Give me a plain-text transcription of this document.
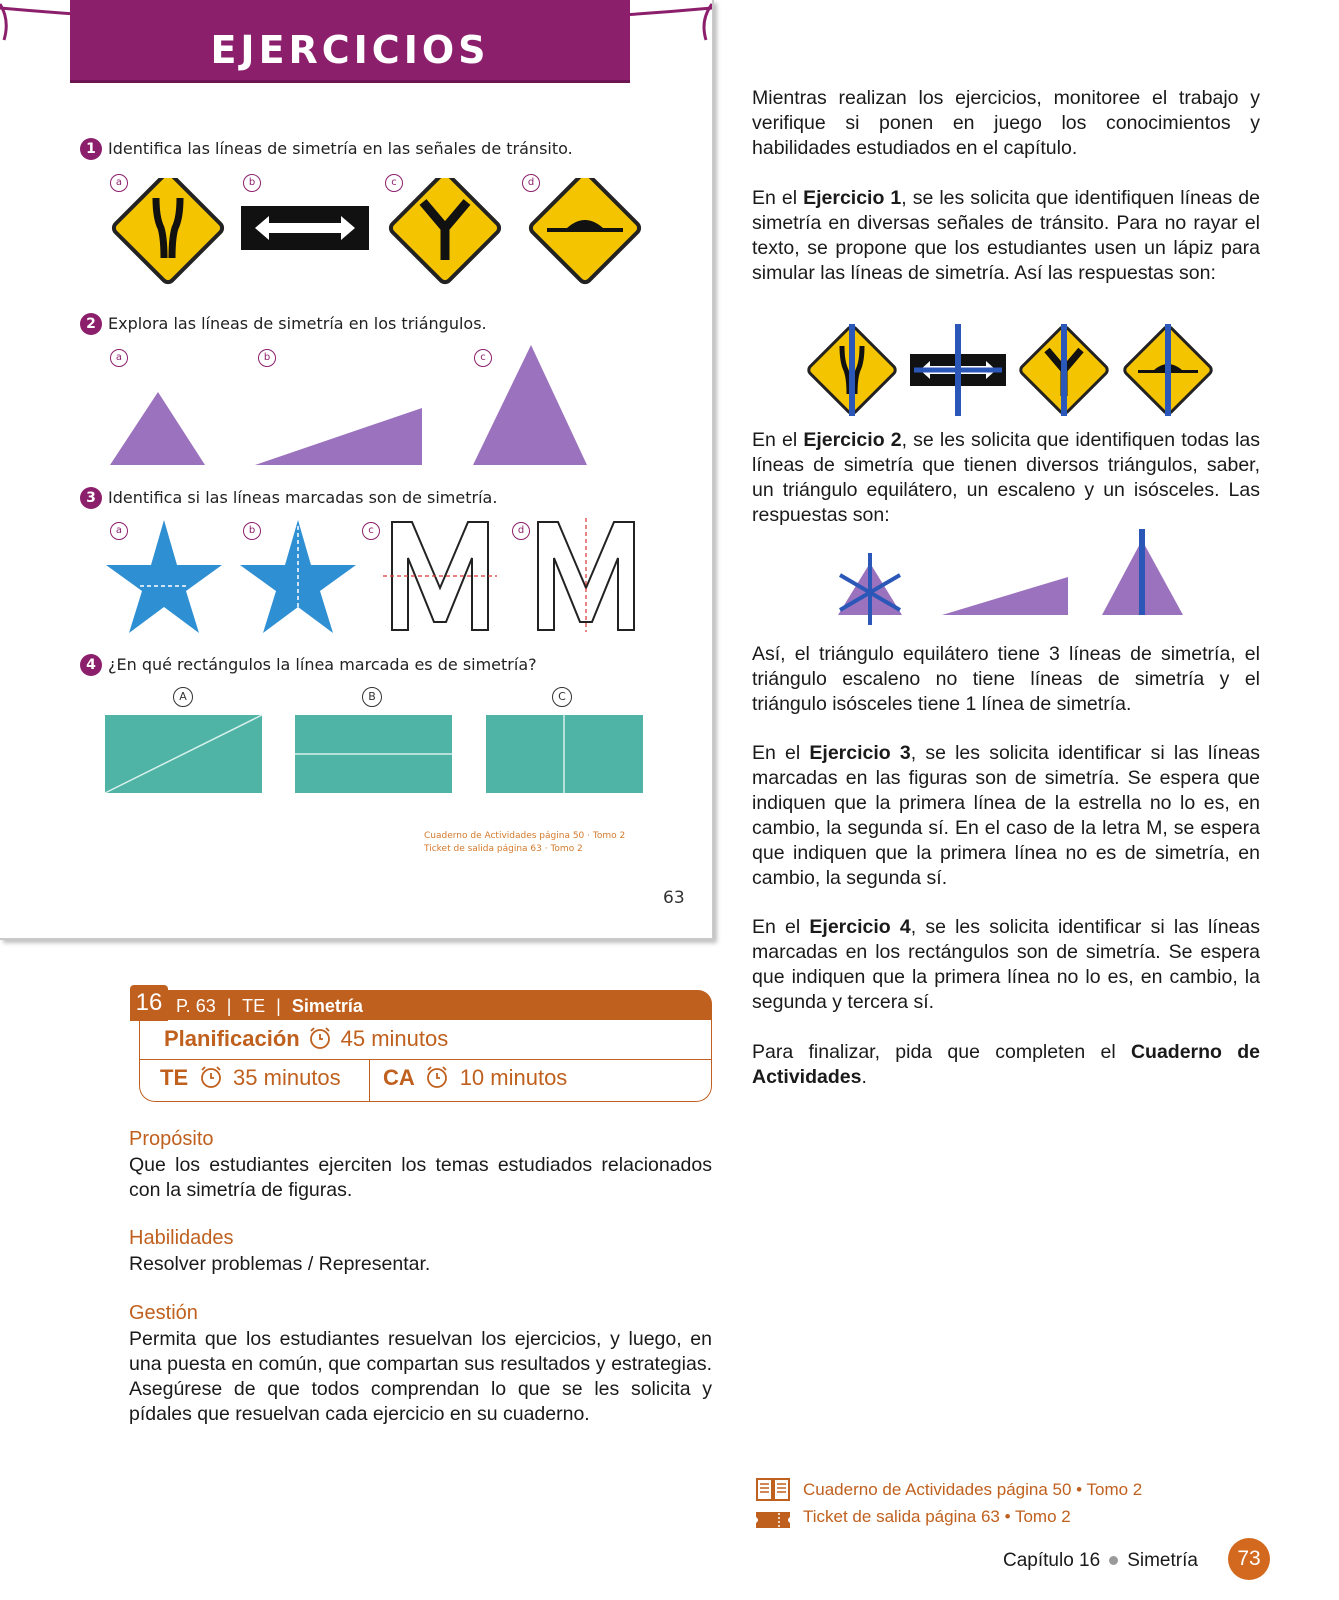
EJERCICIOS
1 Identifica las líneas de simetría en las señales de tránsito.
a	b	c	d
2 Explora las líneas de simetría en los triángulos.
a	b	c
3 Identifica si las líneas marcadas son de simetría.
a	b	c	d
4 ¿En qué rectángulos la línea marcada es de simetría?
A	B	C
Cuaderno de Actividades página 50 · Tomo 2
Ticket de salida página 63 · Tomo 2
63
16 P. 63 | TE | Simetría
Planificación 45 minutos
TE 35 minutos CA 10 minutos
Propósito
Que los estudiantes ejerciten los temas estudiados relacionados con la simetría de figuras.
Habilidades
Resolver problemas / Representar.
Gestión
Permita que los estudiantes resuelvan los ejercicios, y luego, en una puesta en común, que compartan sus resultados y estrategias. Asegúrese de que todos comprendan lo que se les solicita y pídales que resuelvan cada ejercicio en su cuaderno.
Mientras realizan los ejercicios, monitoree el trabajo y verifique si ponen en juego los conocimientos y habilidades estudiados en el capítulo.
En el Ejercicio 1, se les solicita que identifiquen líneas de simetría en diversas señales de tránsito. Para no rayar el texto, se propone que los estudiantes usen un lápiz para simular las líneas de simetría. Así las respuestas son:
En el Ejercicio 2, se les solicita que identifiquen todas las líneas de simetría que tienen diversos triángulos, saber, un triángulo equilátero, un escaleno y un isósceles. Las respuestas son:
Así, el triángulo equilátero tiene 3 líneas de simetría, el triángulo escaleno no tiene líneas de simetría y el triángulo isósceles tiene 1 línea de simetría.
En el Ejercicio 3, se les solicita identificar si las líneas marcadas en las figuras son de simetría. Se espera que indiquen que la primera línea de la estrella no lo es, en cambio, la segunda sí. En el caso de la letra M, se espera que indiquen que la primera línea no es de simetría, en cambio, la segunda sí.
En el Ejercicio 4, se les solicita identificar si las líneas marcadas en los rectángulos son de simetría. Se espera que indiquen que la primera línea no lo es, en cambio, la segunda y tercera sí.
Para finalizar, pida que completen el Cuaderno de Actividades.
Cuaderno de Actividades página 50 • Tomo 2
Ticket de salida página 63 • Tomo 2
Capítulo 16 Simetría	73
